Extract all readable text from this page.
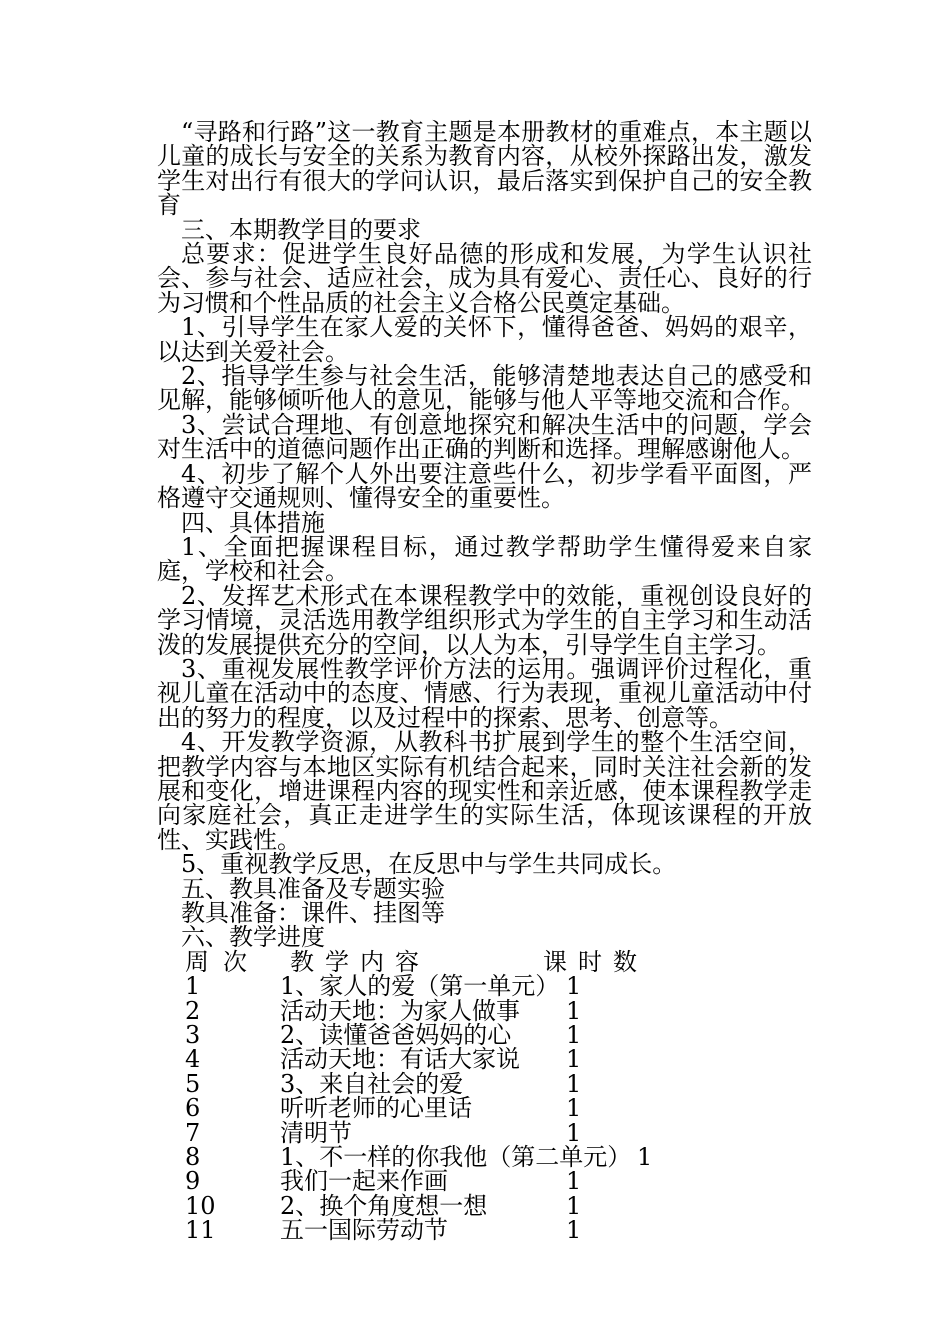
“寻路和行路”这一教育主题是本册教材的重难点，本主题以儿童的成长与安全的关系为教育内容，从校外探路出发，激发学生对出行有很大的学问认识，最后落实到保护自己的安全教育

三、本期教学目的要求

总要求：促进学生良好品德的形成和发展，为学生认识社会、参与社会、适应社会，成为具有爱心、责任心、良好的行为习惯和个性品质的社会主义合格公民奠定基础。

1、引导学生在家人爱的关怀下，懂得爸爸、妈妈的艰辛，以达到关爱社会。

2、指导学生参与社会生活，能够清楚地表达自己的感受和见解，能够倾听他人的意见，能够与他人平等地交流和合作。

3、尝试合理地、有创意地探究和解决生活中的问题，学会对生活中的道德问题作出正确的判断和选择。理解感谢他人。

4、初步了解个人外出要注意些什么，初步学看平面图，严格遵守交通规则、懂得安全的重要性。

四、具体措施

1、全面把握课程目标，通过教学帮助学生懂得爱来自家庭，学校和社会。

2、发挥艺术形式在本课程教学中的效能，重视创设良好的学习情境，灵活选用教学组织形式为学生的自主学习和生动活泼的发展提供充分的空间，以人为本，引导学生自主学习。

3、重视发展性教学评价方法的运用。强调评价过程化，重视儿童在活动中的态度、情感、行为表现，重视儿童活动中付出的努力的程度，以及过程中的探索、思考、创意等。

4、开发教学资源，从教科书扩展到学生的整个生活空间，把教学内容与本地区实际有机结合起来，同时关注社会新的发展和变化，增进课程内容的现实性和亲近感，使本课程教学走向家庭社会，真正走进学生的实际生活，体现该课程的开放性、实践性。

5、重视教学反思，在反思中与学生共同成长。

五、教具准备及专题实验

教具准备：课件、挂图等

六、教学进度

周次 教学内容	课时数
1	1、家人的爱（第一单元） 1
2	活动天地：为家人做事 1
3	2、读懂爸爸妈妈的心 1
4	活动天地：有话大家说 1
5	3、来自社会的爱	1
6	听听老师的心里话	1
7	清明节	1
8	1、不一样的你我他（第二单元） 1
9	我们一起来作画	1
10	2、换个角度想一想	1
11	五一国际劳动节	1
